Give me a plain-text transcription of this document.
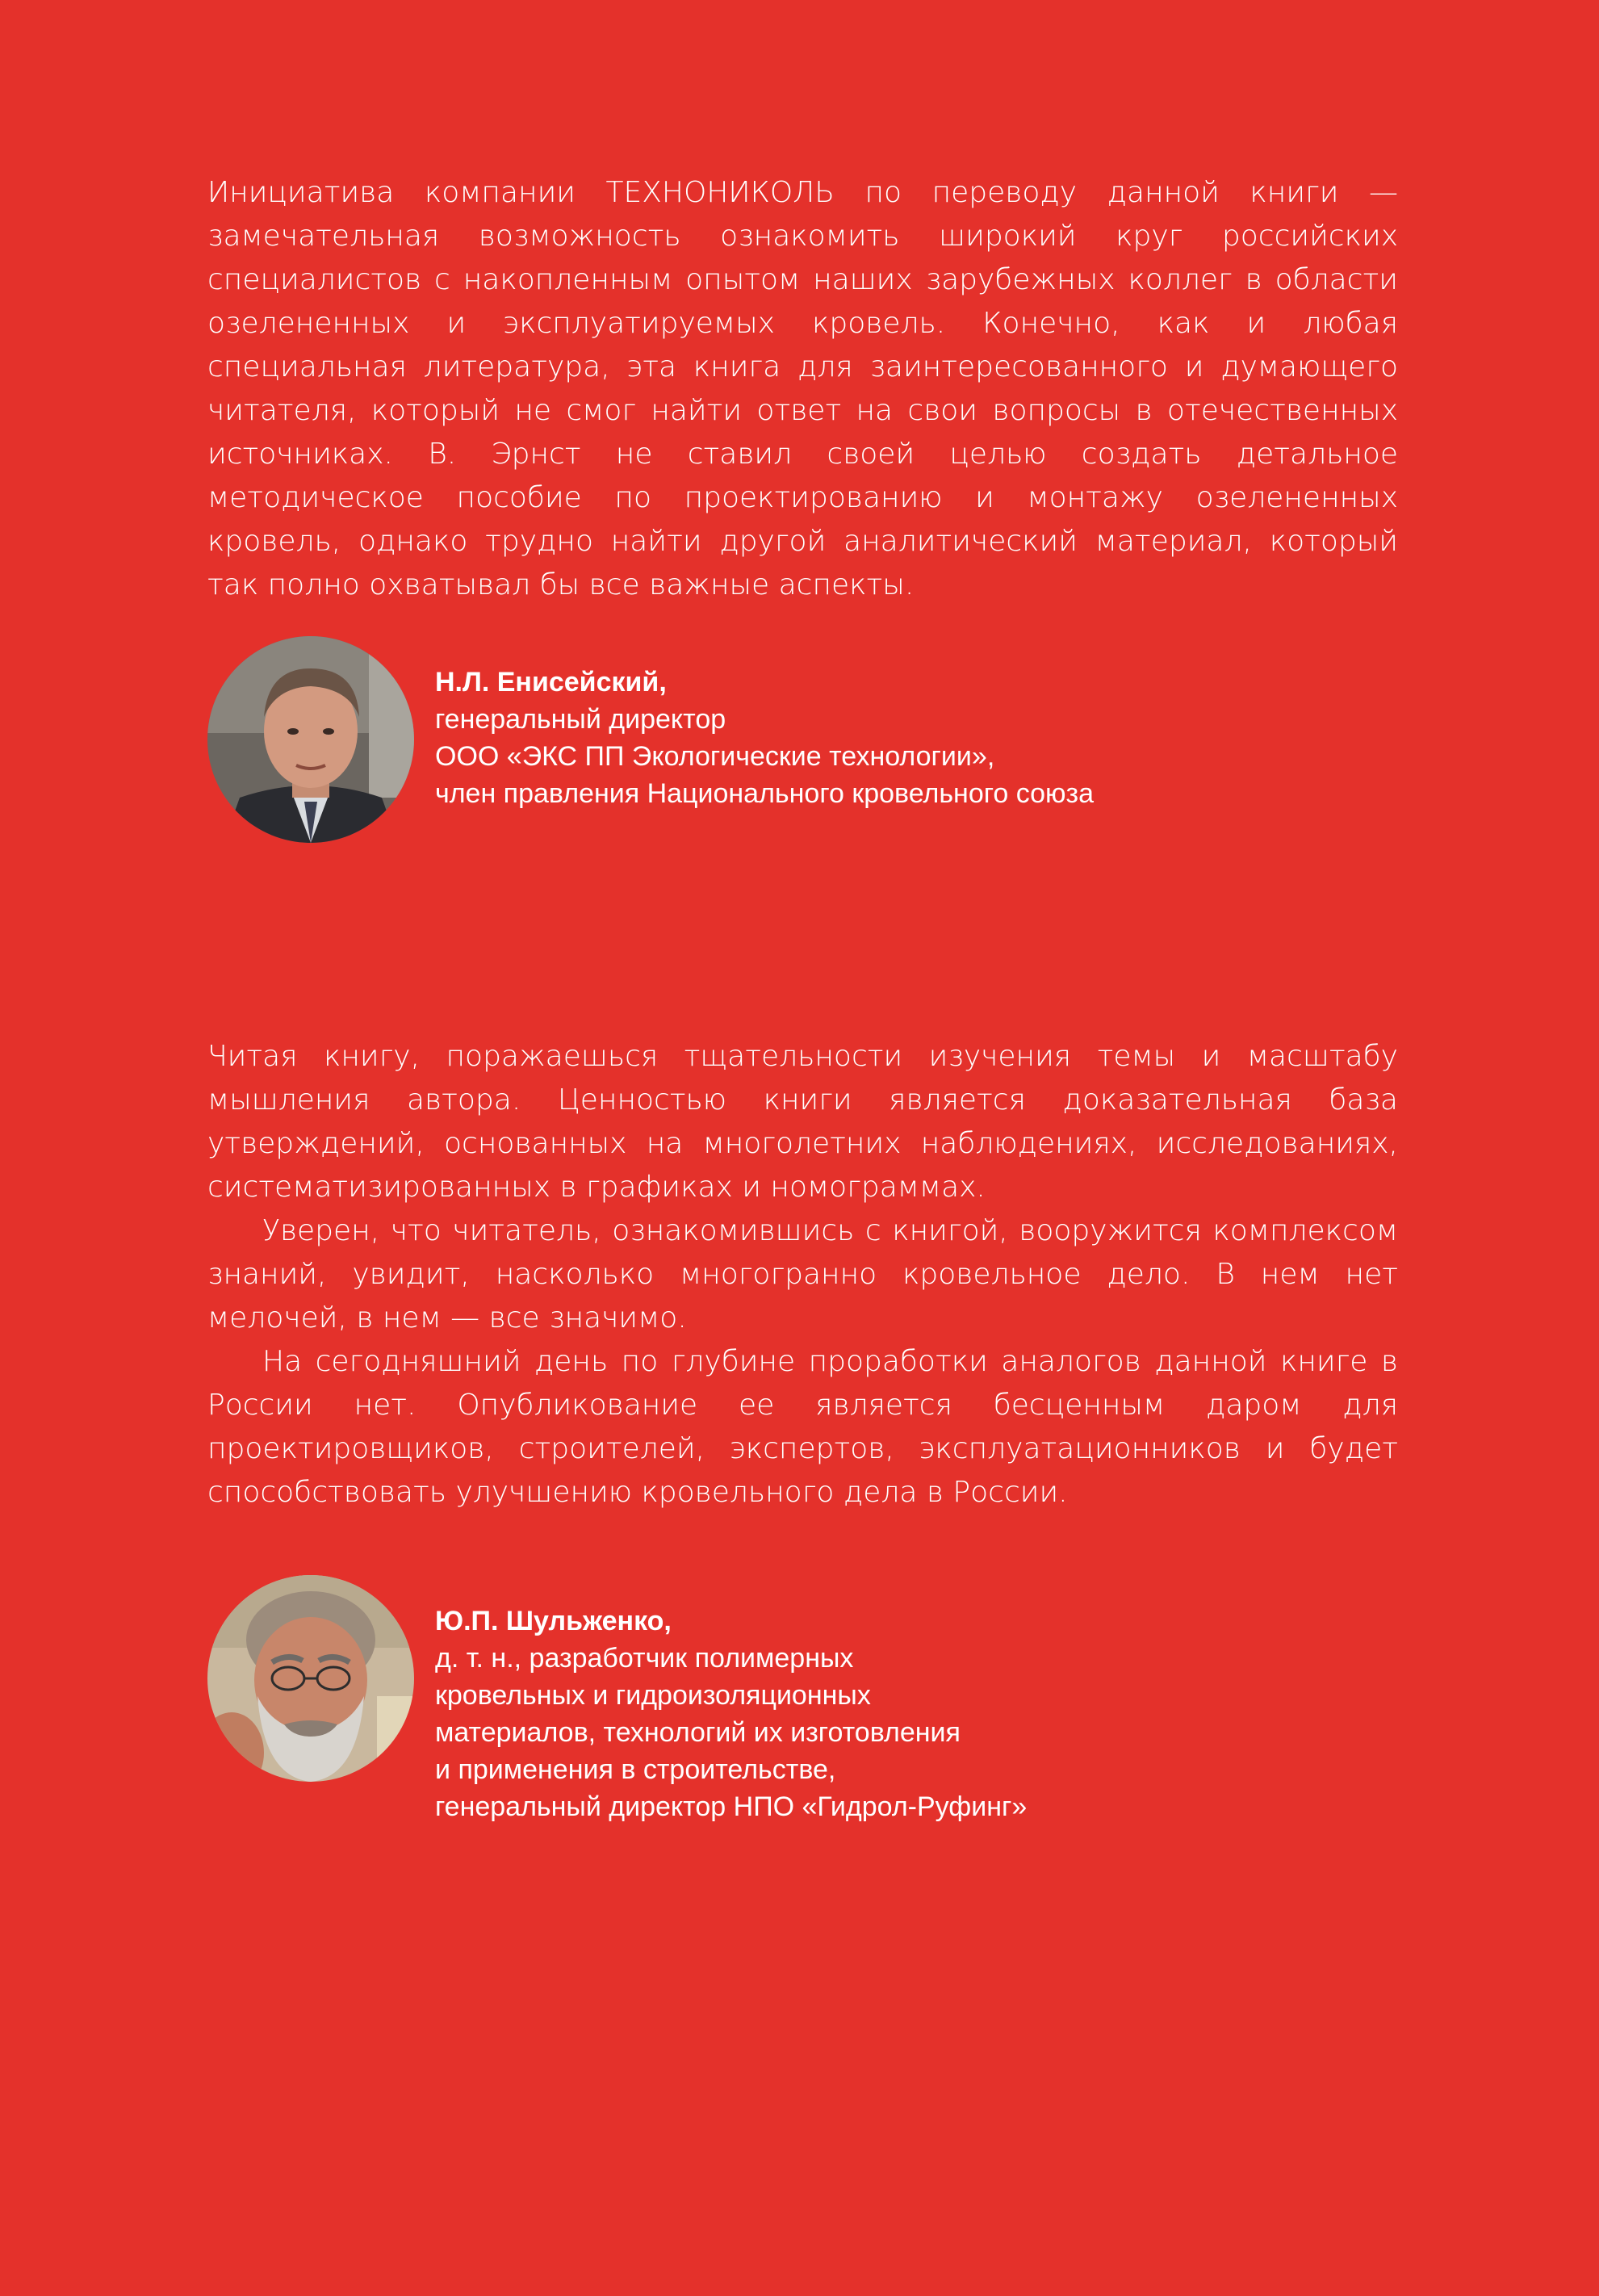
Инициатива компании ТЕХНОНИКОЛЬ по переводу данной книги — замечательная возможность ознакомить широкий круг российских специалистов с накопленным опытом наших зарубежных коллег в области озелененных и эксплуатируемых кровель. Конечно, как и любая специальная литература, эта книга для заинтересованного и думающего читателя, который не смог найти ответ на свои вопросы в отечественных источниках. В. Эрнст не ставил своей целью создать детальное методическое пособие по проектированию и монтажу озелененных кровель, однако трудно найти другой аналитический материал, который так полно охватывал бы все важные аспекты.

Н.Л. Енисейский,
генеральный директор
ООО «ЭКС ПП Экологические технологии»,
член правления Национального кровельного союза

Читая книгу, поражаешься тщательности изучения темы и масштабу мышления автора. Ценностью книги является доказательная база утверждений, основанных на многолетних наблюдениях, исследованиях, систематизированных в графиках и номограммах.

Уверен, что читатель, ознакомившись с книгой, вооружится комплексом знаний, увидит, насколько многогранно кровельное дело. В нем нет мелочей, в нем — все значимо.

На сегодняшний день по глубине проработки аналогов данной книге в России нет. Опубликование ее является бесценным даром для проектировщиков, строителей, экспертов, эксплуатационников и будет способствовать улучшению кровельного дела в России.

Ю.П. Шульженко,
д. т. н., разработчик полимерных
кровельных и гидроизоляционных
материалов, технологий их изготовления
и применения в строительстве,
генеральный директор НПО «Гидрол-Руфинг»
